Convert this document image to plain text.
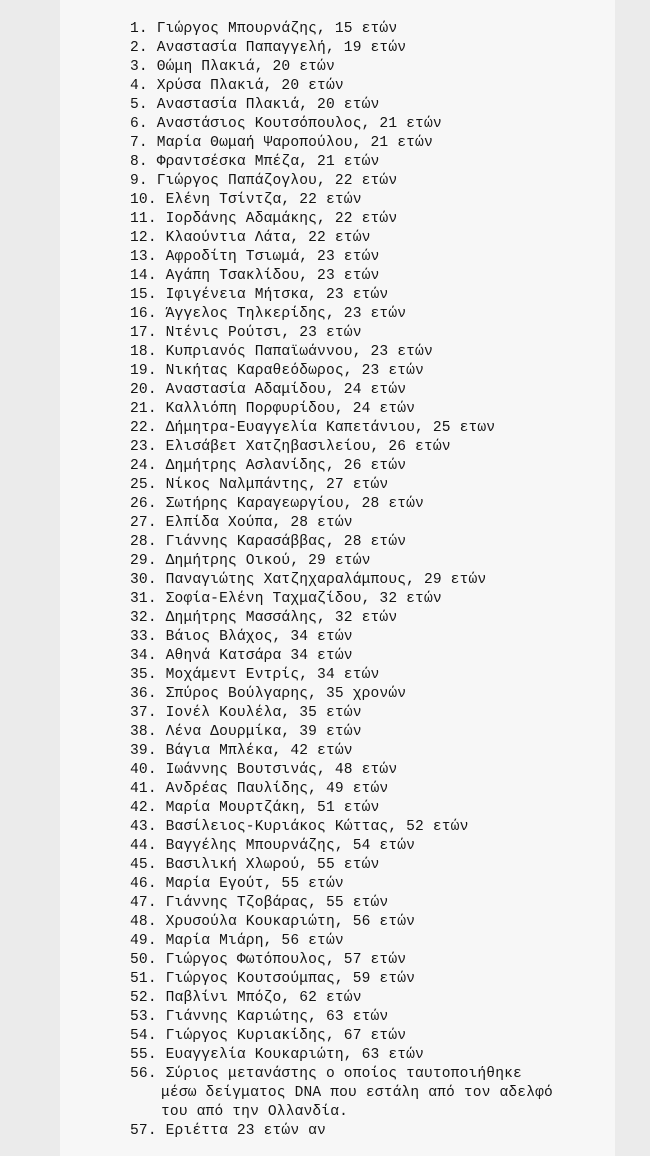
1. Γιώργος Μπουρνάζης, 15 ετών
2. Αναστασία Παπαγγελή, 19 ετών
3. Θώμη Πλακιά, 20 ετών
4. Χρύσα Πλακιά, 20 ετών
5. Αναστασία Πλακιά, 20 ετών
6. Αναστάσιος Κουτσόπουλος, 21 ετών
7. Μαρία Θωμαή Ψαροπούλου, 21 ετών
8. Φραντσέσκα Μπέζα, 21 ετών
9. Γιώργος Παπάζογλου, 22 ετών
10. Ελένη Τσίντζα, 22 ετών
11. Ιορδάνης Αδαμάκης, 22 ετών
12. Κλαούντια Λάτα, 22 ετών
13. Αφροδίτη Τσιωμά, 23 ετών
14. Αγάπη Τσακλίδου, 23 ετών
15. Ιφιγένεια Μήτσκα, 23 ετών
16. Άγγελος Τηλκερίδης, 23 ετών
17. Ντένις Ρούτσι, 23 ετών
18. Κυπριανός Παπαϊωάννου, 23 ετών
19. Νικήτας Καραθεόδωρος, 23 ετών
20. Αναστασία Αδαμίδου, 24 ετών
21. Καλλιόπη Πορφυρίδου, 24 ετών
22. Δήμητρα-Ευαγγελία Καπετάνιου, 25 ετων
23. Ελισάβετ Χατζηβασιλείου, 26 ετών
24. Δημήτρης Ασλανίδης, 26 ετών
25. Νίκος Ναλμπάντης, 27 ετών
26. Σωτήρης Καραγεωργίου, 28 ετών
27. Ελπίδα Χούπα, 28 ετών
28. Γιάννης Καρασάββας, 28 ετών
29. Δημήτρης Οικού, 29 ετών
30. Παναγιώτης Χατζηχαραλάμπους, 29 ετών
31. Σοφία-Ελένη Ταχμαζίδου, 32 ετών
32. Δημήτρης Μασσάλης, 32 ετών
33. Βάιος Βλάχος, 34 ετών
34. Αθηνά Κατσάρα 34 ετών
35. Μοχάμεντ Εντρίς, 34 ετών
36. Σπύρος Βούλγαρης, 35 χρονών
37. Ιονέλ Κουλέλα, 35 ετών
38. Λένα Δουρμίκα, 39 ετών
39. Βάγια Μπλέκα, 42 ετών
40. Ιωάννης Βουτσινάς, 48 ετών
41. Ανδρέας Παυλίδης, 49 ετών
42. Μαρία Μουρτζάκη, 51 ετών
43. Βασίλειος-Κυριάκος Κώττας, 52 ετών
44. Βαγγέλης Μπουρνάζης, 54 ετών
45. Βασιλική Χλωρού, 55 ετών
46. Μαρία Εγούτ, 55 ετών
47. Γιάννης Τζοβάρας, 55 ετών
48. Χρυσούλα Κουκαριώτη, 56 ετών
49. Μαρία Μιάρη, 56 ετών
50. Γιώργος Φωτόπουλος, 57 ετών
51. Γιώργος Κουτσούμπας, 59 ετών
52. Παβλίνι Μπόζο, 62 ετών
53. Γιάννης Καριώτης, 63 ετών
54. Γιώργος Κυριακίδης, 67 ετών
55. Ευαγγελία Κουκαριώτη, 63 ετών
56. Σύριος μετανάστης ο οποίος ταυτοποιήθηκε
μέσω δείγματος DNA που εστάλη από τον αδελφό
του από την Ολλανδία.
57. Εριέττα 23 ετών αν
